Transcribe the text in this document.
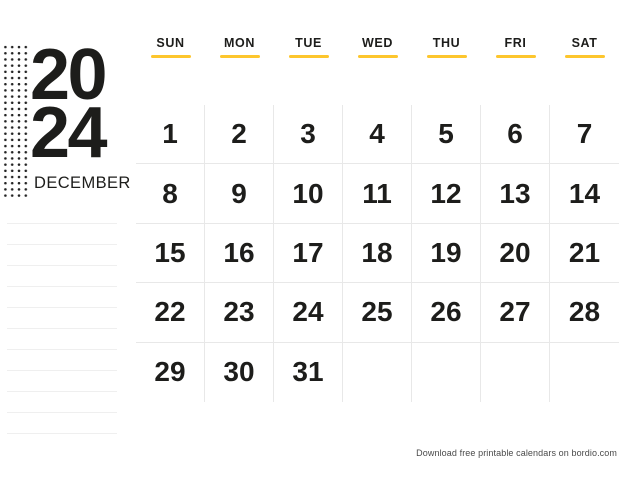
20
24
DECEMBER
SUN	MON	TUE	WED	THU	FRI	SAT
1	2	3	4	5	6	7
8	9	10	11	12	13	14
15	16	17	18	19	20	21
22	23	24	25	26	27	28
29	30	31
Download free printable calendars on bordio.com
